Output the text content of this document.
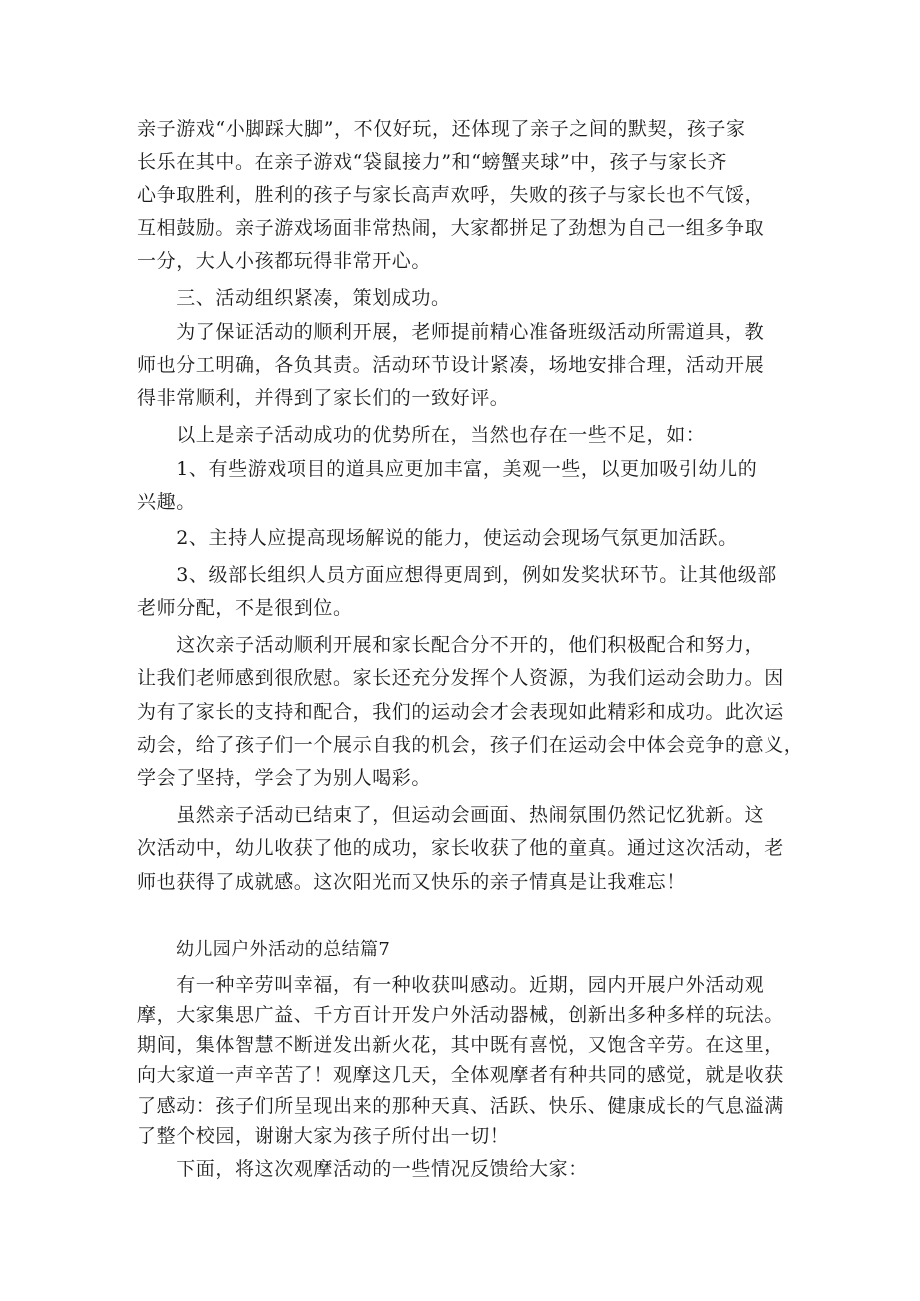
亲子游戏“小脚踩大脚”，不仅好玩，还体现了亲子之间的默契，孩子家
长乐在其中。在亲子游戏“袋鼠接力”和“螃蟹夹球”中，孩子与家长齐
心争取胜利，胜利的孩子与家长高声欢呼，失败的孩子与家长也不气馁，
互相鼓励。亲子游戏场面非常热闹，大家都拼足了劲想为自己一组多争取
一分，大人小孩都玩得非常开心。
　　三、活动组织紧凑，策划成功。
　　为了保证活动的顺利开展，老师提前精心准备班级活动所需道具，教
师也分工明确，各负其责。活动环节设计紧凑，场地安排合理，活动开展
得非常顺利，并得到了家长们的一致好评。
　　以上是亲子活动成功的优势所在，当然也存在一些不足，如：
　　1、有些游戏项目的道具应更加丰富，美观一些，以更加吸引幼儿的
兴趣。
　　2、主持人应提高现场解说的能力，使运动会现场气氛更加活跃。
　　3、级部长组织人员方面应想得更周到，例如发奖状环节。让其他级部
老师分配，不是很到位。
　　这次亲子活动顺利开展和家长配合分不开的，他们积极配合和努力，
让我们老师感到很欣慰。家长还充分发挥个人资源，为我们运动会助力。因
为有了家长的支持和配合，我们的运动会才会表现如此精彩和成功。此次运
动会，给了孩子们一个展示自我的机会，孩子们在运动会中体会竞争的意义，
学会了坚持，学会了为别人喝彩。
　　虽然亲子活动已结束了，但运动会画面、热闹氛围仍然记忆犹新。这
次活动中，幼儿收获了他的成功，家长收获了他的童真。通过这次活动，老
师也获得了成就感。这次阳光而又快乐的亲子情真是让我难忘！
幼儿园户外活动的总结篇7
　　有一种辛劳叫幸福，有一种收获叫感动。近期，园内开展户外活动观
摩，大家集思广益、千方百计开发户外活动器械，创新出多种多样的玩法。
期间，集体智慧不断迸发出新火花，其中既有喜悦，又饱含辛劳。在这里，
向大家道一声辛苦了！观摩这几天，全体观摩者有种共同的感觉，就是收获
了感动：孩子们所呈现出来的那种天真、活跃、快乐、健康成长的气息溢满
了整个校园，谢谢大家为孩子所付出一切！
　　下面，将这次观摩活动的一些情况反馈给大家：
